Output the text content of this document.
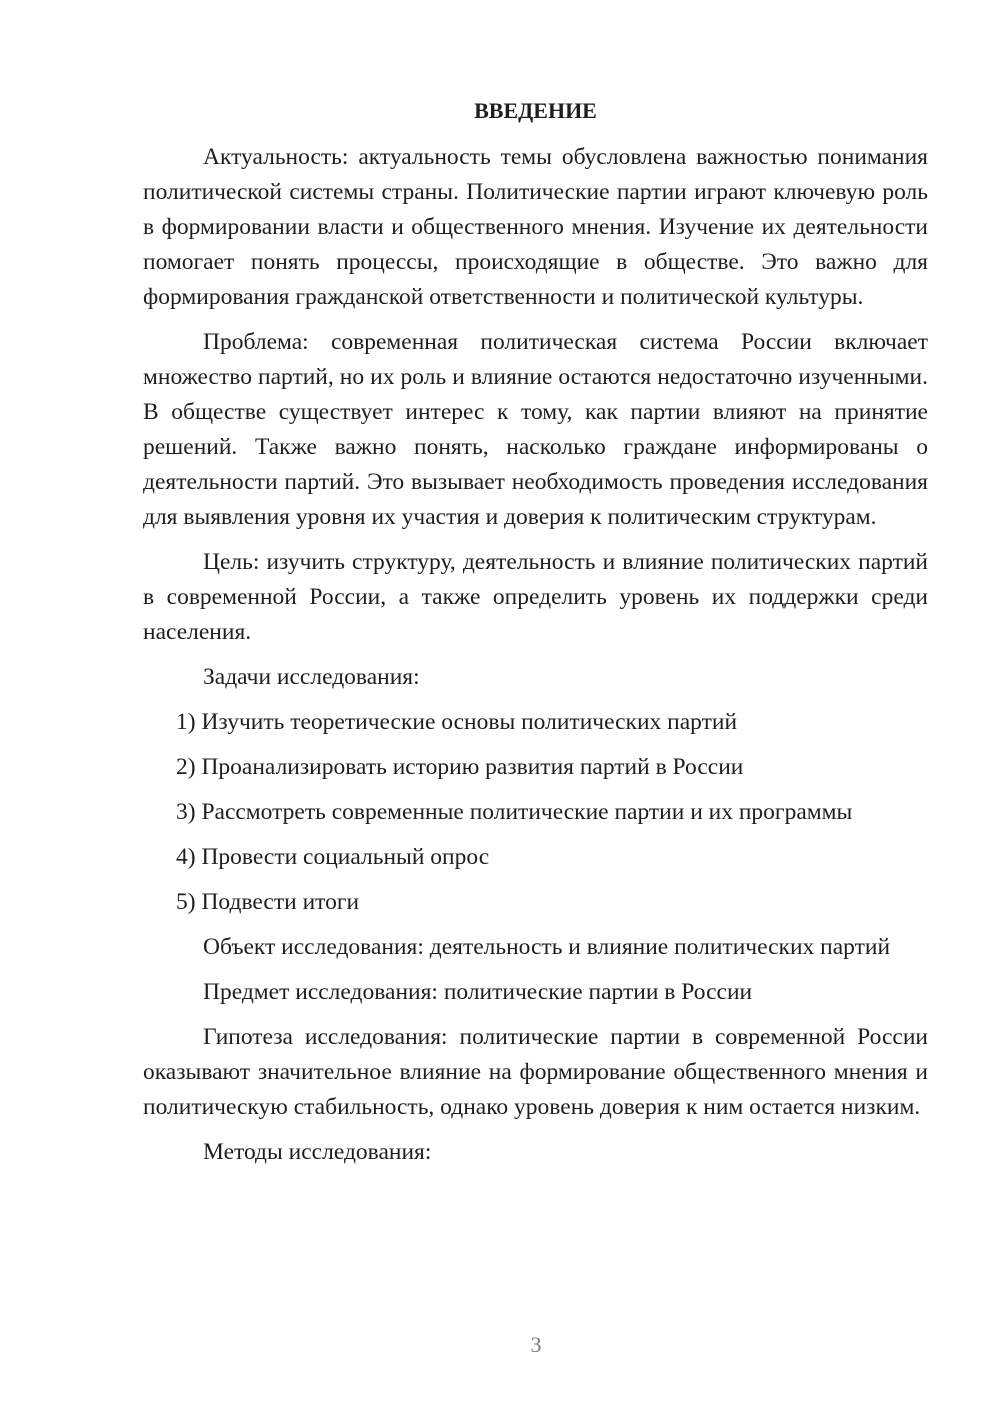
ВВЕДЕНИЕ

Актуальность: актуальность темы обусловлена важностью понимания политической системы страны. Политические партии играют ключевую роль в формировании власти и общественного мнения. Изучение их деятельности помогает понять процессы, происходящие в обществе. Это важно для формирования гражданской ответственности и политической культуры.

Проблема: современная политическая система России включает множество партий, но их роль и влияние остаются недостаточно изученными. В обществе существует интерес к тому, как партии влияют на принятие решений. Также важно понять, насколько граждане информированы о деятельности партий. Это вызывает необходимость проведения исследования для выявления уровня их участия и доверия к политическим структурам.

Цель: изучить структуру, деятельность и влияние политических партий в современной России, а также определить уровень их поддержки среди населения.

Задачи исследования:
1) Изучить теоретические основы политических партий
2) Проанализировать историю развития партий в России
3) Рассмотреть современные политические партии и их программы
4) Провести социальный опрос
5) Подвести итоги
Объект исследования: деятельность и влияние политических партий
Предмет исследования: политические партии в России

Гипотеза исследования: политические партии в современной России оказывают значительное влияние на формирование общественного мнения и политическую стабильность, однако уровень доверия к ним остается низким.

Методы исследования:
3
